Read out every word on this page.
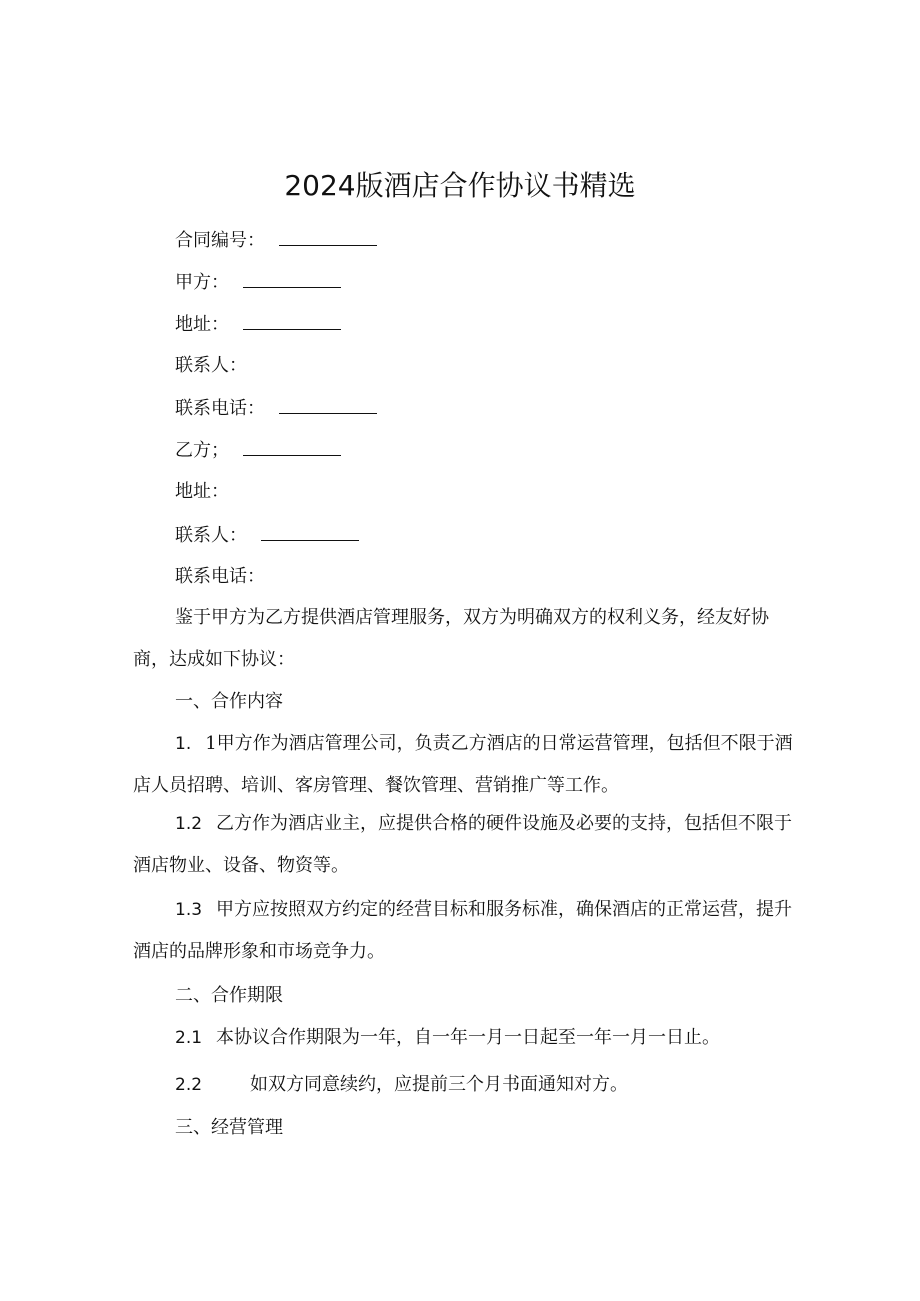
2024版酒店合作协议书精选
合同编号：
甲方：
地址：
联系人：
联系电话：
乙方；
地址：
联系人：
联系电话：

鉴于甲方为乙方提供酒店管理服务，双方为明确双方的权利义务，经友好协商，达成如下协议：

一、合作内容

1. 1甲方作为酒店管理公司，负责乙方酒店的日常运营管理，包括但不限于酒店人员招聘、培训、客房管理、餐饮管理、营销推广等工作。

1.2 乙方作为酒店业主，应提供合格的硬件设施及必要的支持，包括但不限于酒店物业、设备、物资等。

1.3 甲方应按照双方约定的经营目标和服务标准，确保酒店的正常运营，提升酒店的品牌形象和市场竞争力。

二、合作期限
2.1 本协议合作期限为一年，自一年一月一日起至一年一月一日止。
2.2	如双方同意续约，应提前三个月书面通知对方。
三、经营管理
